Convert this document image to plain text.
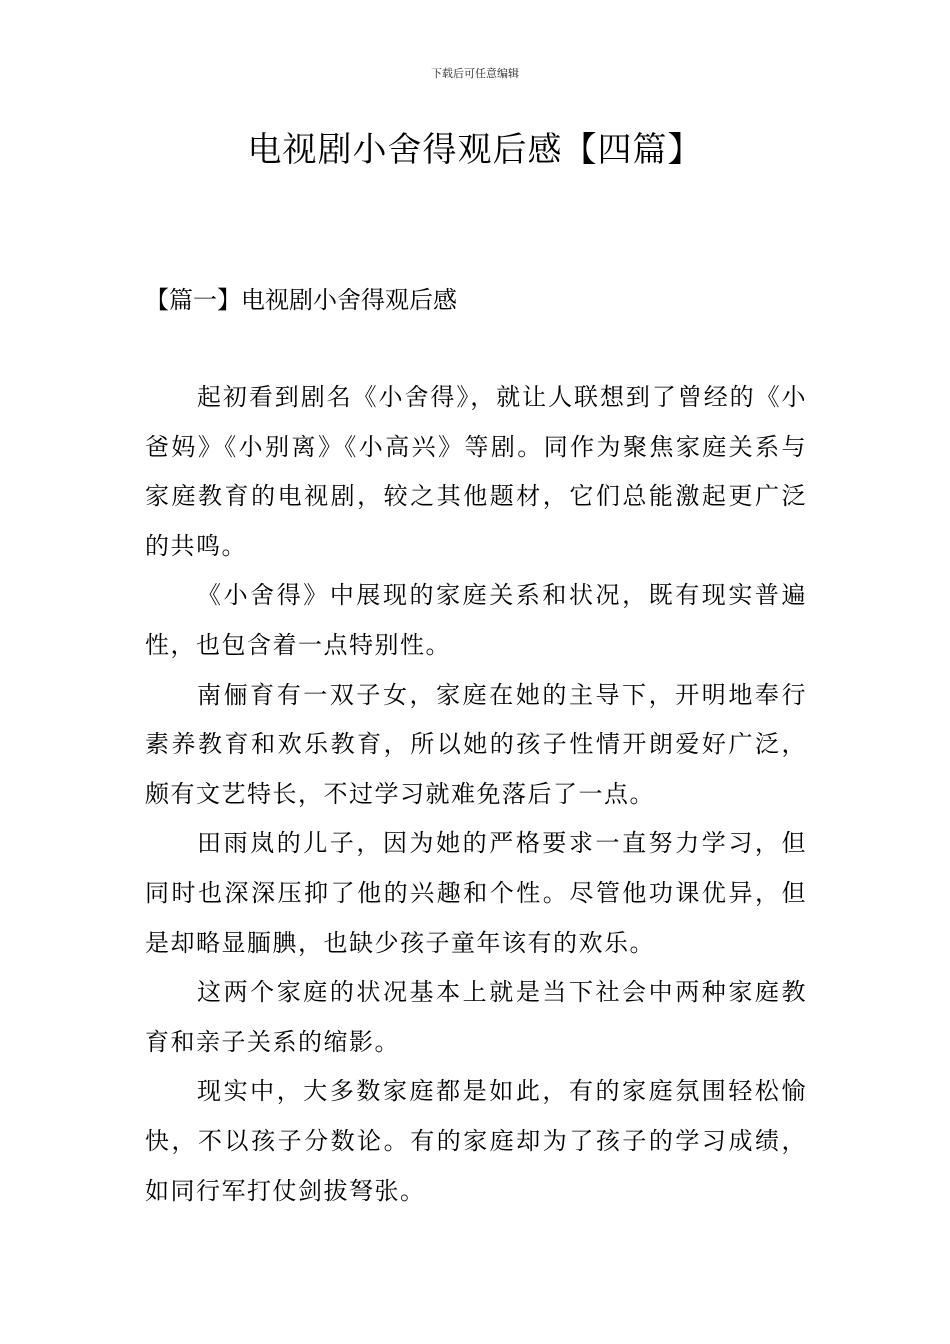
下载后可任意编辑
电视剧小舍得观后感【四篇】
【篇一】电视剧小舍得观后感

起初看到剧名《小舍得》，就让人联想到了曾经的《小爸妈》《小别离》《小高兴》等剧。同作为聚焦家庭关系与家庭教育的电视剧，较之其他题材，它们总能激起更广泛的共鸣。

《小舍得》中展现的家庭关系和状况，既有现实普遍性，也包含着一点特别性。

南俪育有一双子女，家庭在她的主导下，开明地奉行素养教育和欢乐教育，所以她的孩子性情开朗爱好广泛，颇有文艺特长，不过学习就难免落后了一点。

田雨岚的儿子，因为她的严格要求一直努力学习，但同时也深深压抑了他的兴趣和个性。尽管他功课优异，但是却略显腼腆，也缺少孩子童年该有的欢乐。

这两个家庭的状况基本上就是当下社会中两种家庭教育和亲子关系的缩影。

现实中，大多数家庭都是如此，有的家庭氛围轻松愉快，不以孩子分数论。有的家庭却为了孩子的学习成绩，如同行军打仗剑拔弩张。
